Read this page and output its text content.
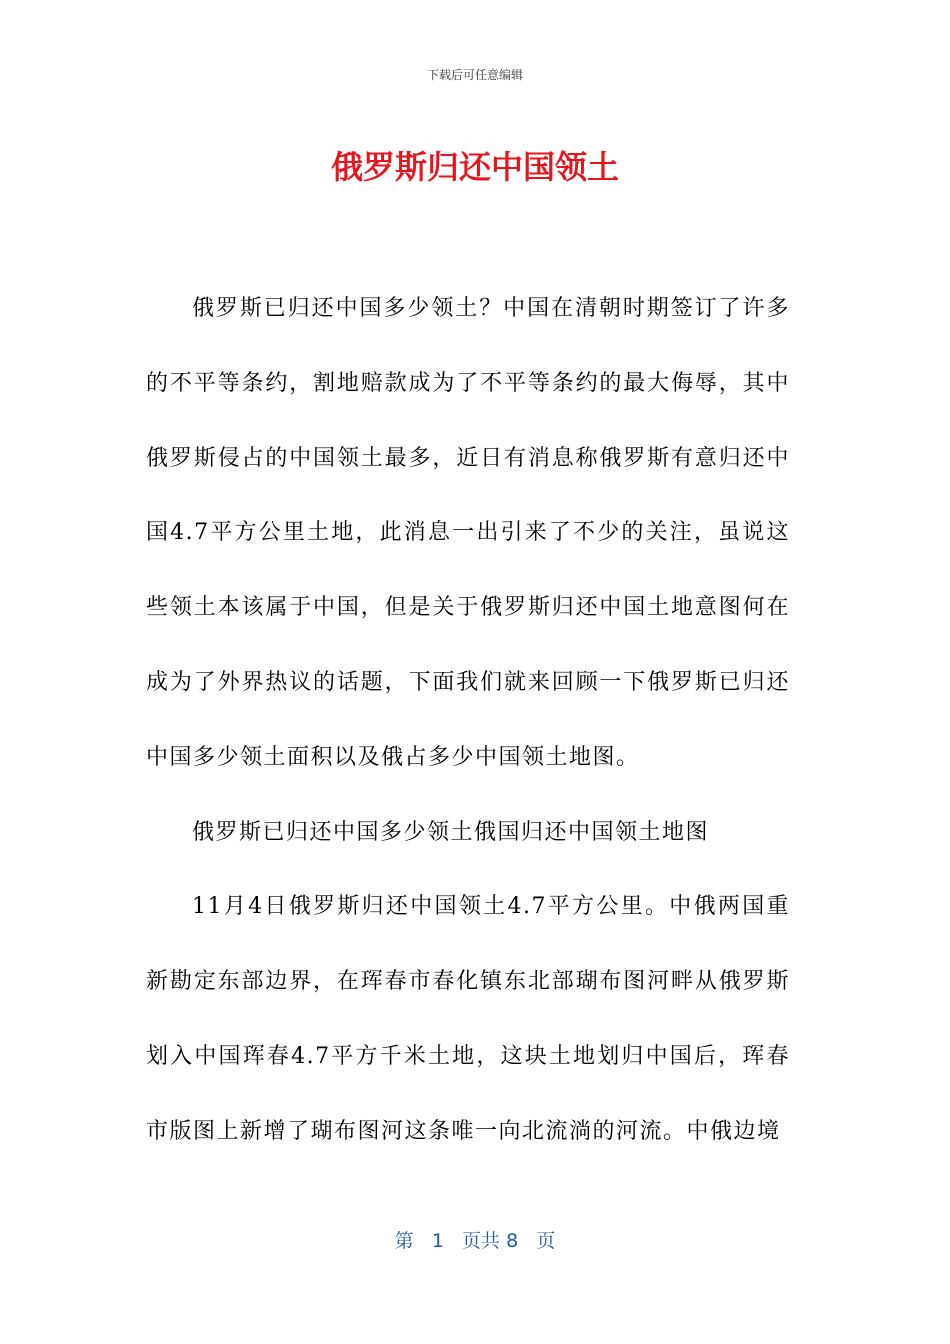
下载后可任意编辑
俄罗斯归还中国领土

俄罗斯已归还中国多少领土？中国在清朝时期签订了许多的不平等条约，割地赔款成为了不平等条约的最大侮辱，其中俄罗斯侵占的中国领土最多，近日有消息称俄罗斯有意归还中国4.7平方公里土地，此消息一出引来了不少的关注，虽说这些领土本该属于中国，但是关于俄罗斯归还中国土地意图何在成为了外界热议的话题，下面我们就来回顾一下俄罗斯已归还中国多少领土面积以及俄占多少中国领土地图。

俄罗斯已归还中国多少领土俄国归还中国领土地图

11月4日俄罗斯归还中国领土4.7平方公里。中俄两国重新勘定东部边界，在珲春市春化镇东北部瑚布图河畔从俄罗斯划入中国珲春4.7平方千米土地，这块土地划归中国后，珲春市版图上新增了瑚布图河这条唯一向北流淌的河流。中俄边境

第 1 页共 8 页
